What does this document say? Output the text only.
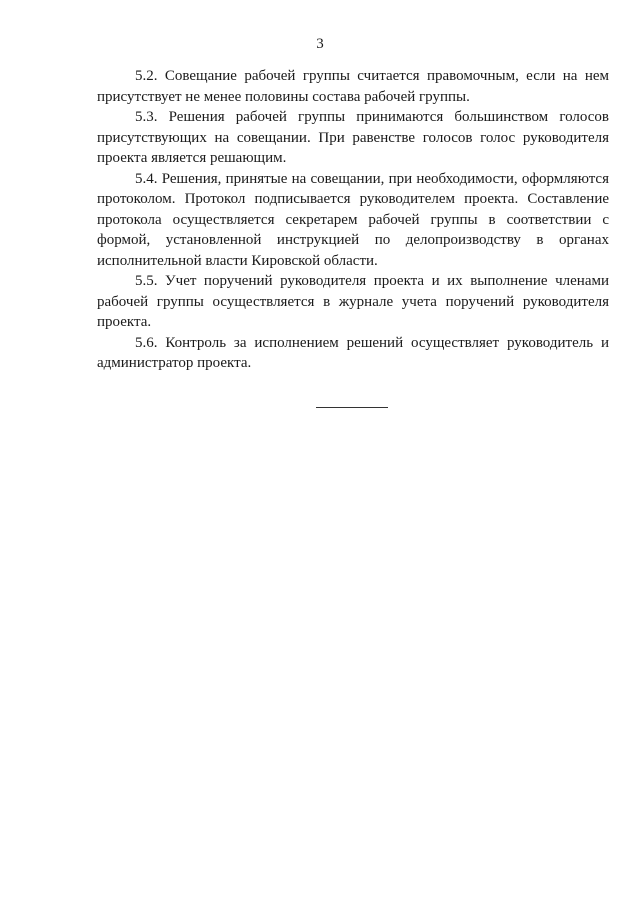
3

5.2. Совещание рабочей группы считается правомочным, если на нем присутствует не менее половины состава рабочей группы.

5.3. Решения рабочей группы принимаются большинством голосов присутствующих на совещании. При равенстве голосов голос руководителя проекта является решающим.

5.4. Решения, принятые на совещании, при необходимости, оформляются протоколом. Протокол подписывается руководителем проекта. Составление протокола осуществляется секретарем рабочей группы в соответствии с формой, установленной инструкцией по делопроизводству в органах исполнительной власти Кировской области.

5.5. Учет поручений руководителя проекта и их выполнение членами рабочей группы осуществляется в журнале учета поручений руководителя проекта.

5.6. Контроль за исполнением решений осуществляет руководитель и администратор проекта.
